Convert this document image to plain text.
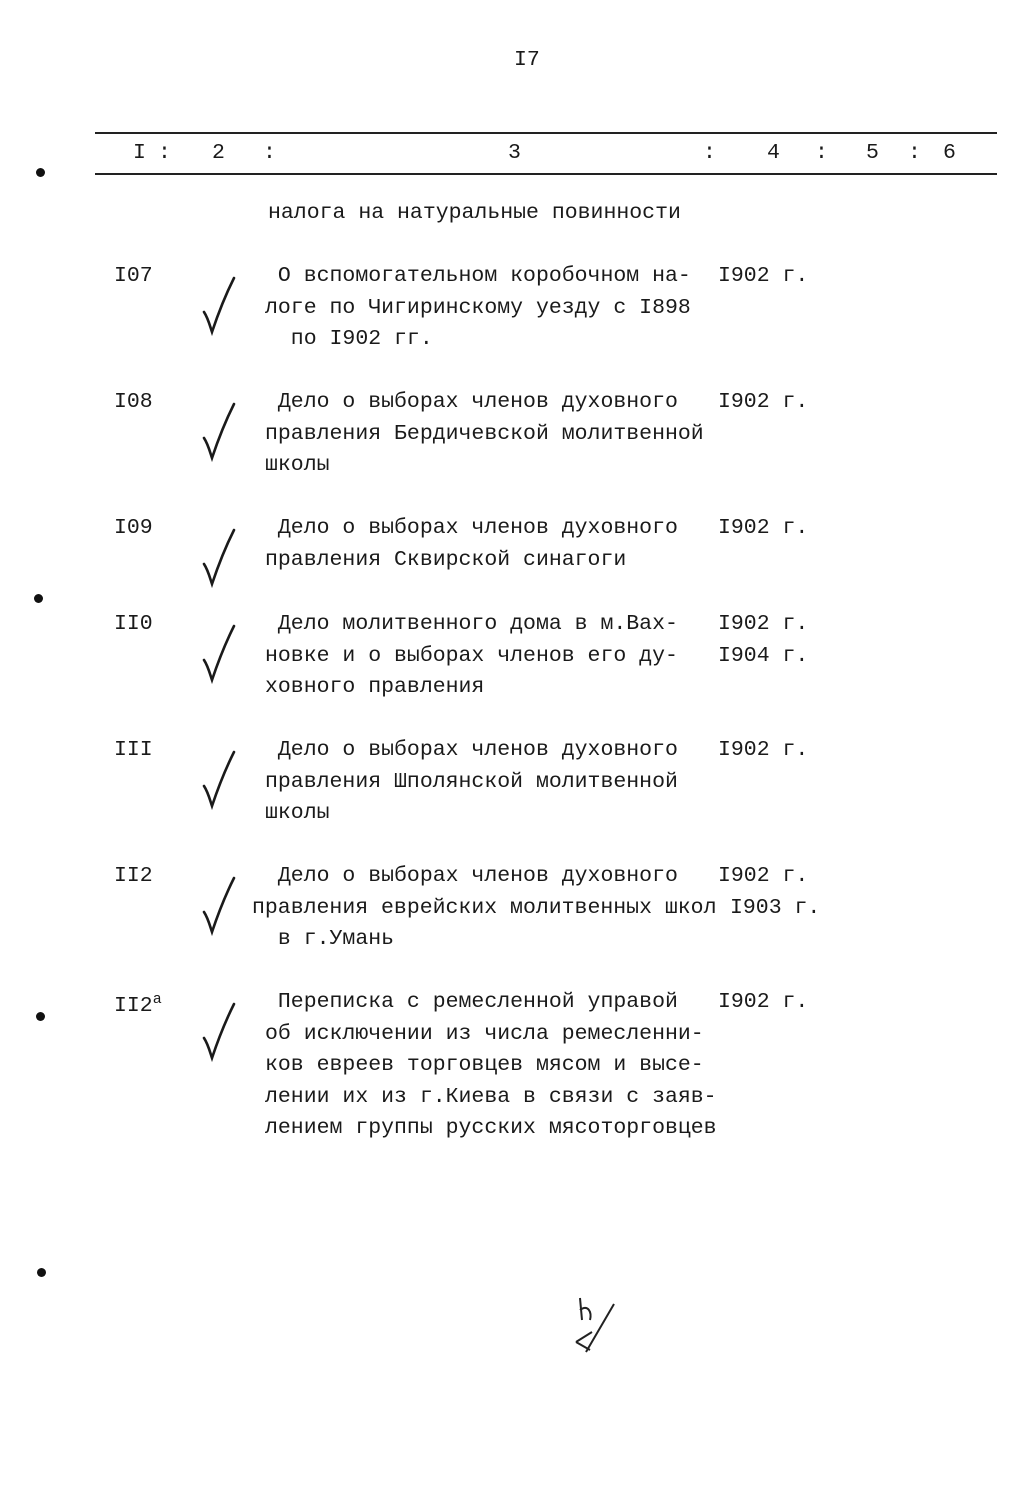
I7
I : 2 :	3	: 4 : 5 : 6
налога на натуральные повинности
I07	О вспомогательном коробочном на-
логе по Чигиринскому уезду с I898
по I902 гг.
I902 г.
I08	Дело о выборах членов духовного
правления Бердичевской молитвенной
школы
I902 г.
I09	Дело о выборах членов духовного
правления Сквирской синагоги
I902 г.
II0	Дело молитвенного дома в м.Вах-
новке и о выборах членов его ду-
ховного правления
I902 г.
I904 г.
III	Дело о выборах членов духовного
правления Шполянской молитвенной
школы
I902 г.
II2	Дело о выборах членов духовного
правления еврейских молитвенных школ
в г.Умань
I902 г.
I903 г.
$II2^а$	Переписка с ремесленной управой
об исключении из числа ремесленни-
ков евреев торговцев мясом и высе-
лении их из г.Киева в связи с заяв-
лением группы русских мясоторговцев
I902 г.
